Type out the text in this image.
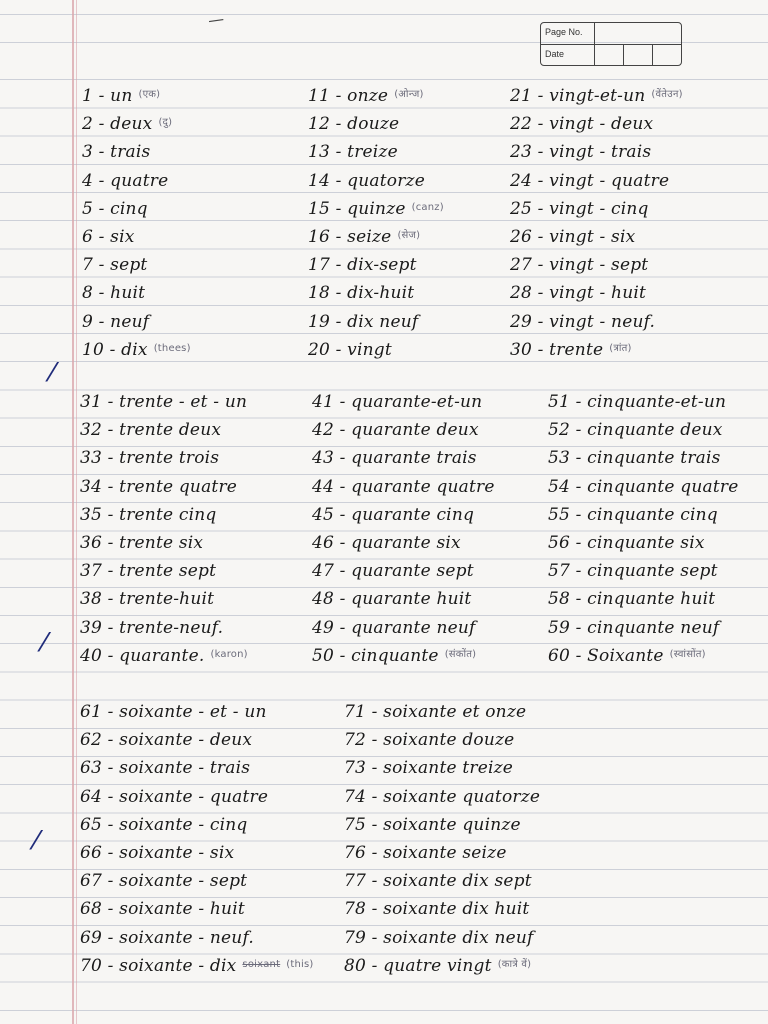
—
Page No.
Date
⁄
⁄
⁄
1 - un $^{(एक)}$
2 - deux $^{(दु)}$
3 - trais
4 - quatre
5 - cinq
6 - six
7 - sept
8 - huit
9 - neuf
10 - dix $^{(thees)}$
11 - onze $^{(ओन्ज)}$
12 - douze
13 - treize
14 - quatorze
15 - quinze $^{(canz)}$
16 - seize $^{(सेज)}$
17 - dix-sept
18 - dix-huit
19 - dix neuf
20 - vingt
21 - vingt-et-un $^{(वेंतेउन)}$
22 - vingt - deux
23 - vingt - trais
24 - vingt - quatre
25 - vingt - cinq
26 - vingt - six
27 - vingt - sept
28 - vingt - huit
29 - vingt - neuf.
30 - trente $^{(त्रांत)}$
31 - trente - et - un
32 - trente deux
33 - trente trois
34 - trente quatre
35 - trente cinq
36 - trente six
37 - trente sept
38 - trente-huit
39 - trente-neuf.
40 - quarante. $^{(karon)}$
41 - quarante-et-un
42 - quarante deux
43 - quarante trais
44 - quarante quatre
45 - quarante cinq
46 - quarante six
47 - quarante sept
48 - quarante huit
49 - quarante neuf
50 - cinquante $^{(संकोंत)}$
51 - cinquante-et-un
52 - cinquante deux
53 - cinquante trais
54 - cinquante quatre
55 - cinquante cinq
56 - cinquante six
57 - cinquante sept
58 - cinquante huit
59 - cinquante neuf
60 - Soixante $^{(स्वांसोंत)}$
61 - soixante - et - un
62 - soixante - deux
63 - soixante - trais
64 - soixante - quatre
65 - soixante - cinq
66 - soixante - six
67 - soixante - sept
68 - soixante - huit
69 - soixante - neuf.
70 - soixante - dix $^{soixant}$ $^{(this)}$
71 - soixante et onze
72 - soixante douze
73 - soixante treize
74 - soixante quatorze
75 - soixante quinze
76 - soixante seize
77 - soixante dix sept
78 - soixante dix huit
79 - soixante dix neuf
80 - quatre vingt $^{(कात्रे वें)}$
